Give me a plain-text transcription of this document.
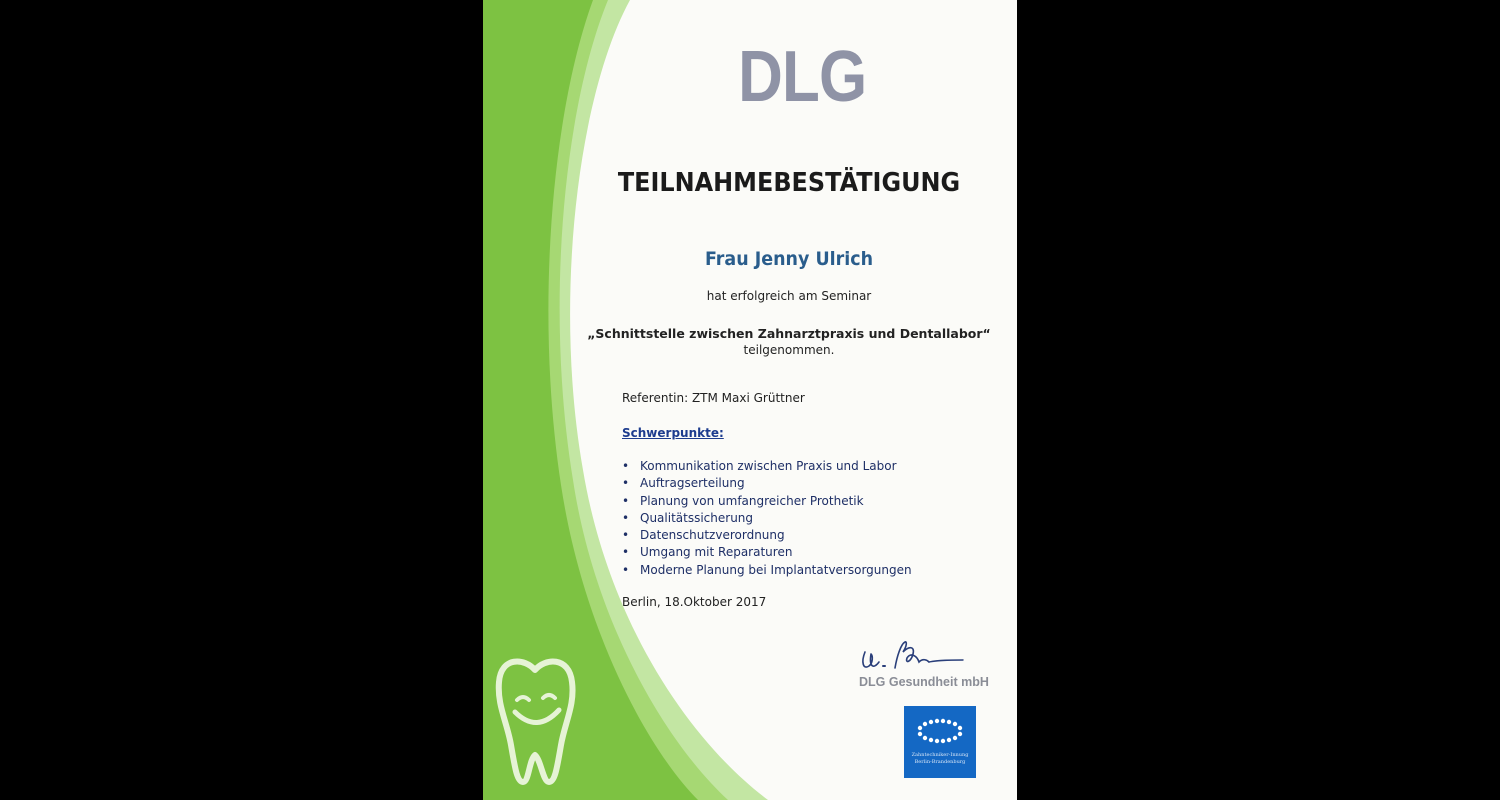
DLG
TEILNAHMEBESTÄTIGUNG
Frau Jenny Ulrich
hat erfolgreich am Seminar
„Schnittstelle zwischen Zahnarztpraxis und Dentallabor“
teilgenommen.
Referentin: ZTM Maxi Grüttner
Schwerpunkte:
• Kommunikation zwischen Praxis und Labor
• Auftragserteilung
• Planung von umfangreicher Prothetik
• Qualitätssicherung
• Datenschutzverordnung
• Umgang mit Reparaturen
• Moderne Planung bei Implantatversorgungen
Berlin, 18.Oktober 2017
DLG Gesundheit mbH
Zahntechniker-Innung
Berlin-Brandenburg
